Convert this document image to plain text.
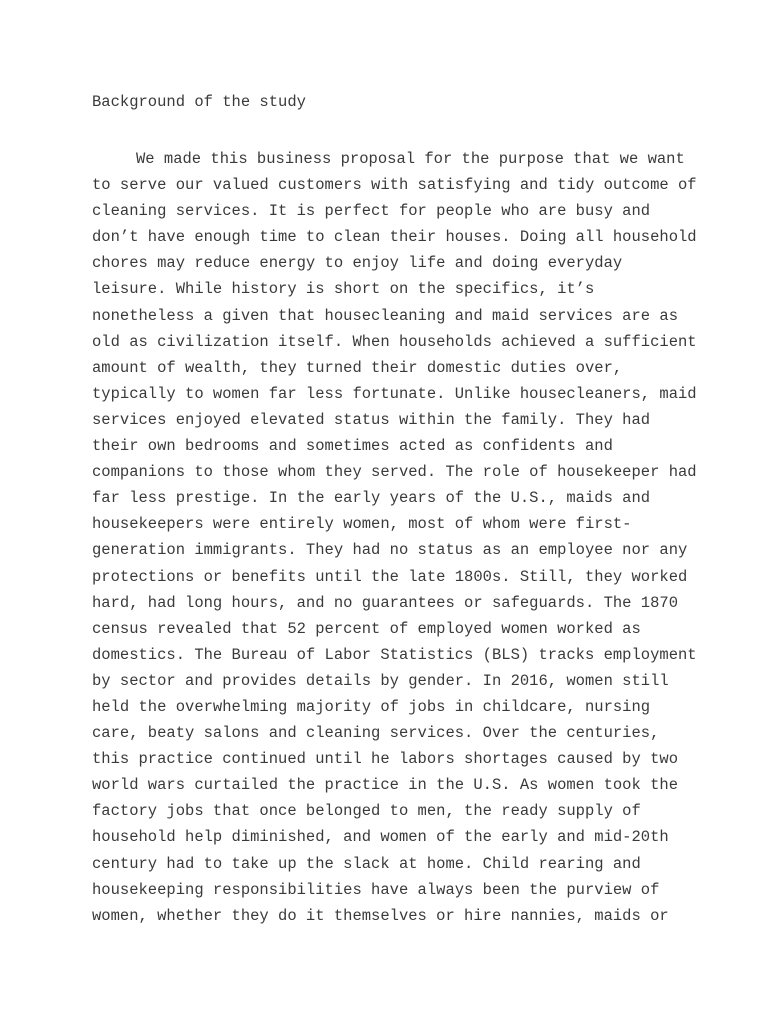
Background of the study
We made this business proposal for the purpose that we want
to serve our valued customers with satisfying and tidy outcome of
cleaning services. It is perfect for people who are busy and
don’t have enough time to clean their houses. Doing all household
chores may reduce energy to enjoy life and doing everyday
leisure. While history is short on the specifics, it’s
nonetheless a given that housecleaning and maid services are as
old as civilization itself. When households achieved a sufficient
amount of wealth, they turned their domestic duties over,
typically to women far less fortunate. Unlike housecleaners, maid
services enjoyed elevated status within the family. They had
their own bedrooms and sometimes acted as confidents and
companions to those whom they served. The role of housekeeper had
far less prestige. In the early years of the U.S., maids and
housekeepers were entirely women, most of whom were first-
generation immigrants. They had no status as an employee nor any
protections or benefits until the late 1800s. Still, they worked
hard, had long hours, and no guarantees or safeguards. The 1870
census revealed that 52 percent of employed women worked as
domestics. The Bureau of Labor Statistics (BLS) tracks employment
by sector and provides details by gender. In 2016, women still
held the overwhelming majority of jobs in childcare, nursing
care, beaty salons and cleaning services. Over the centuries,
this practice continued until he labors shortages caused by two
world wars curtailed the practice in the U.S. As women took the
factory jobs that once belonged to men, the ready supply of
household help diminished, and women of the early and mid-20th
century had to take up the slack at home. Child rearing and
housekeeping responsibilities have always been the purview of
women, whether they do it themselves or hire nannies, maids or
